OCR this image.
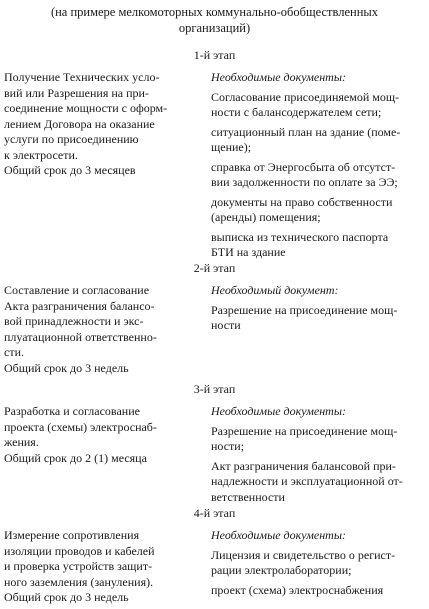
(на примере мелкомоторных коммунально-обобществленных
организаций)
1-й этап
Получение Технических усло-
вий или Разрешения на при-
соединение мощности с оформ-
лением Договора на оказание
услуги по присоединению
к электросети.
Общий срок до 3 месяцев
Необходимые документы:
Согласование присоединяемой мощ-
ности с балансодержателем сети;
ситуационный план на здание (поме-
щение);
справка от Энергосбыта об отсутст-
вии задолженности по оплате за ЭЭ;
документы на право собственности
(аренды) помещения;
выписка из технического паспорта
БТИ на здание
2-й этап
Составление и согласование
Акта разграничения балансо-
вой принадлежности и экс-
плуатационной ответственно-
сти.
Общий срок до 3 недель
Необходимый документ:
Разрешение на присоединение мощ-
ности
3-й этап
Разработка и согласование
проекта (схемы) электроснаб-
жения.
Общий срок до 2 (1) месяца
Необходимые документы:
Разрешение на присоединение мощ-
ности;
Акт разграничения балансовой при-
надлежности и эксплуатационной от-
ветственности
4-й этап
Измерение сопротивления
изоляции проводов и кабелей
и проверка устройств защит-
ного заземления (зануления).
Общий срок до 3 недель
Необходимые документы:
Лицензия и свидетельство о регист-
рации электролаборатории;
проект (схема) электроснабжения
